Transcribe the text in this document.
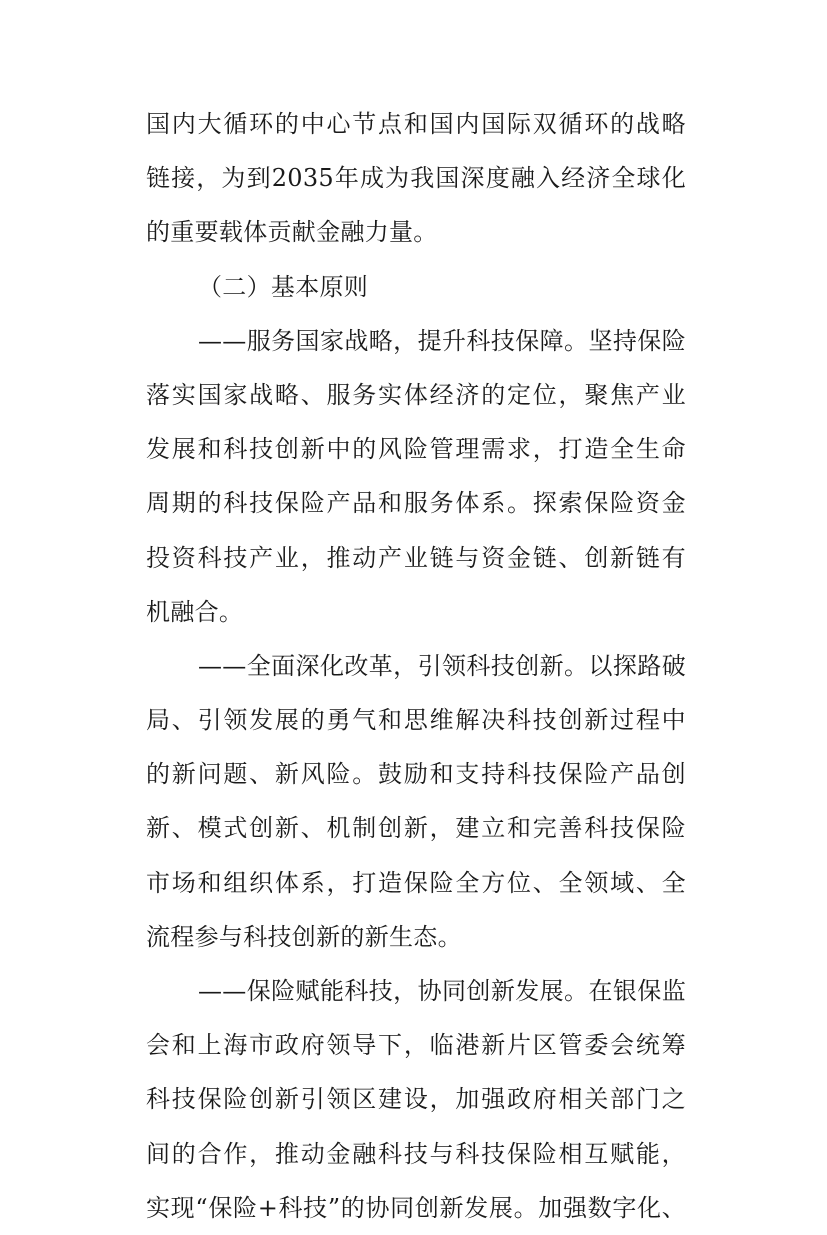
国内大循环的中心节点和国内国际双循环的战略
链接，为到2035年成为我国深度融入经济全球化
的重要载体贡献金融力量。
（二）基本原则
——服务国家战略，提升科技保障。坚持保险
落实国家战略、服务实体经济的定位，聚焦产业
发展和科技创新中的风险管理需求，打造全生命
周期的科技保险产品和服务体系。探索保险资金
投资科技产业，推动产业链与资金链、创新链有
机融合。
——全面深化改革，引领科技创新。以探路破
局、引领发展的勇气和思维解决科技创新过程中
的新问题、新风险。鼓励和支持科技保险产品创
新、模式创新、机制创新，建立和完善科技保险
市场和组织体系，打造保险全方位、全领域、全
流程参与科技创新的新生态。
——保险赋能科技，协同创新发展。在银保监
会和上海市政府领导下，临港新片区管委会统筹
科技保险创新引领区建设，加强政府相关部门之
间的合作，推动金融科技与科技保险相互赋能，
实现“保险+科技”的协同创新发展。加强数字化、
